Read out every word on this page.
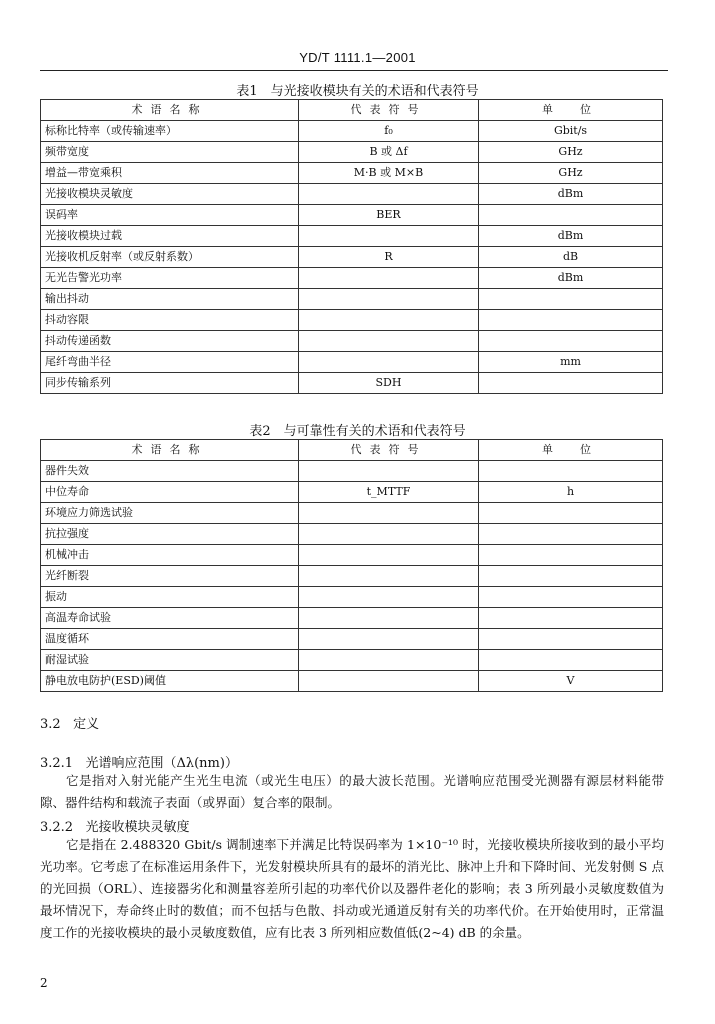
YD/T 1111.1—2001
表1　与光接收模块有关的术语和代表符号
术语名称	代表符号	单　位
标称比特率（或传输速率）	f₀	Gbit/s
频带宽度	B 或 Δf	GHz
增益—带宽乘积	M·B 或 M×B	GHz
光接收模块灵敏度		dBm
误码率	BER	
光接收模块过载		dBm
光接收机反射率（或反射系数）	R	dB
无光告警光功率		dBm
输出抖动		
抖动容限		
抖动传递函数		
尾纤弯曲半径		mm
同步传输系列	SDH	
表2　与可靠性有关的术语和代表符号
术语名称	代表符号	单　位
器件失效		
中位寿命	t_MTTF	h
环境应力筛选试验		
抗拉强度		
机械冲击		
光纤断裂		
振动		
高温寿命试验		
温度循环		
耐湿试验		
静电放电防护(ESD)阈值		V
3.2 定义
3.2.1 光谱响应范围（Δλ(nm)）
它是指对入射光能产生光生电流（或光生电压）的最大波长范围。光谱响应范围受光测器有源层材料能带隙、器件结构和载流子表面（或界面）复合率的限制。
3.2.2 光接收模块灵敏度
它是指在 2.488320 Gbit/s 调制速率下并满足比特误码率为 1×10⁻¹⁰ 时，光接收模块所接收到的最小平均光功率。它考虑了在标准运用条件下，光发射模块所具有的最坏的消光比、脉冲上升和下降时间、光发射侧 S 点的光回损（ORL）、连接器劣化和测量容差所引起的功率代价以及器件老化的影响；表 3 所列最小灵敏度数值为最坏情况下，寿命终止时的数值；而不包括与色散、抖动或光通道反射有关的功率代价。在开始使用时，正常温度工作的光接收模块的最小灵敏度数值，应有比表 3 所列相应数值低(2~4) dB 的余量。
2
